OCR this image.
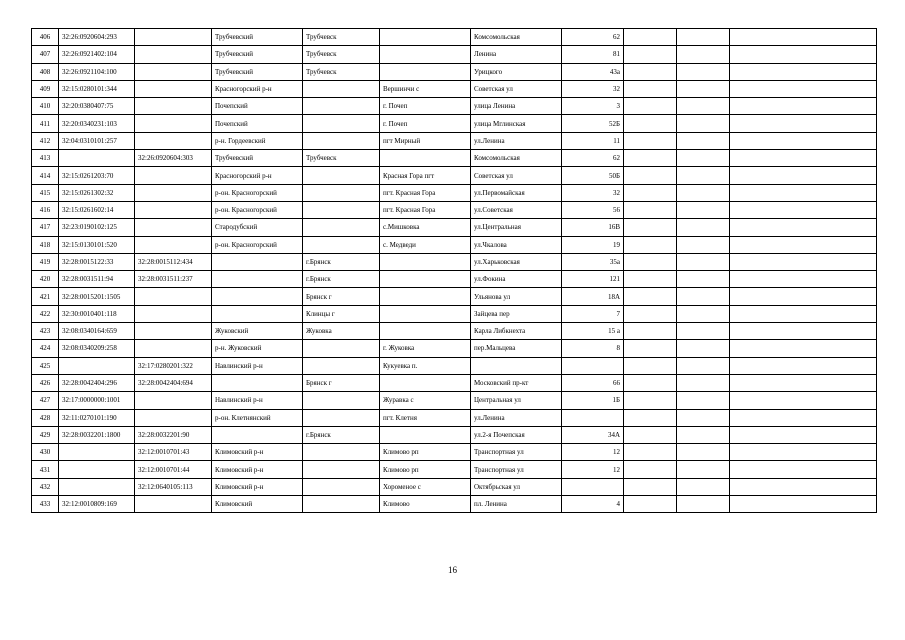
406	32:26:0920604:293		Трубчевский	Трубчевск		Комсомольская	62			
407	32:26:0921402:104		Трубчевский	Трубчевск		Ленина	81			
408	32:26:0921104:100		Трубчевский	Трубчевск		Урицкого	43а			
409	32:15:0280101:344		Красногорский р-н		Вершинчи с	Советская ул	32			
410	32:20:0380407:75		Почепский		г. Почеп	улица Ленина	3			
411	32:20:0340231:103		Почепский		г. Почеп	улица Мглинская	52Б			
412	32:04:0310101:257		р-н. Гордеевский		пгт Мирный	ул.Ленина	11			
413		32:26:0920604:303	Трубчевский	Трубчевск		Комсомольская	62			
414	32:15:0261203:70		Красногорский р-н		Красная Гора пгт	Советская ул	50Б			
415	32:15:0261302:32		р-он. Красногорский		пгт. Красная Гора	ул.Первомайская	32			
416	32:15:0261602:14		р-он. Красногорский		пгт. Красная Гора	ул.Советская	56			
417	32:23:0190102:125		Стародубский		с.Мишковка	ул.Центральная	16В			
418	32:15:0130101:520		р-он. Красногорский		с. Медведи	ул.Чкалова	19			
419	32:28:0015122:33	32:28:0015112:434		г.Брянск		ул.Харьковская	35а			
420	32:28:0031511:94	32:28:0031511:237		г.Брянск		ул.Фокина	121			
421	32:28:0015201:1505			Брянск г		Ульянова ул	18А			
422	32:30:0010401:118			Клинцы г		Зайцева пер	7			
423	32:08:0340164:659		Жуковский	Жуковка		Карла Либкнехта	15 а			
424	32:08:0340209:258		р-н. Жуковский		г. Жуковка	пер.Мальцева	8			
425		32:17:0280201:322	Навлинский р-н		Кукуевка п.					
426	32:28:0042404:296	32:28:0042404:694		Брянск г		Московский пр-кт	66			
427	32:17:0000000:1001		Навлинский р-н		Журавка с	Центральная ул	1Б			
428	32:11:0270101:190		р-он. Клетнянский		пгт. Клетня	ул.Ленина				
429	32:28:0032201:1800	32:28:0032201:90		г.Брянск		ул.2-я Почепская	34А			
430		32:12:0010701:43	Климовский р-н		Климово рп	Транспортная ул	12			
431		32:12:0010701:44	Климовский р-н		Климово рп	Транспортная ул	12			
432		32:12:0640105:113	Климовский р-н		Хороменое с	Октябрьская ул				
433	32:12:0010809:169		Климовский		Климово	пл. Ленина	4			
16
